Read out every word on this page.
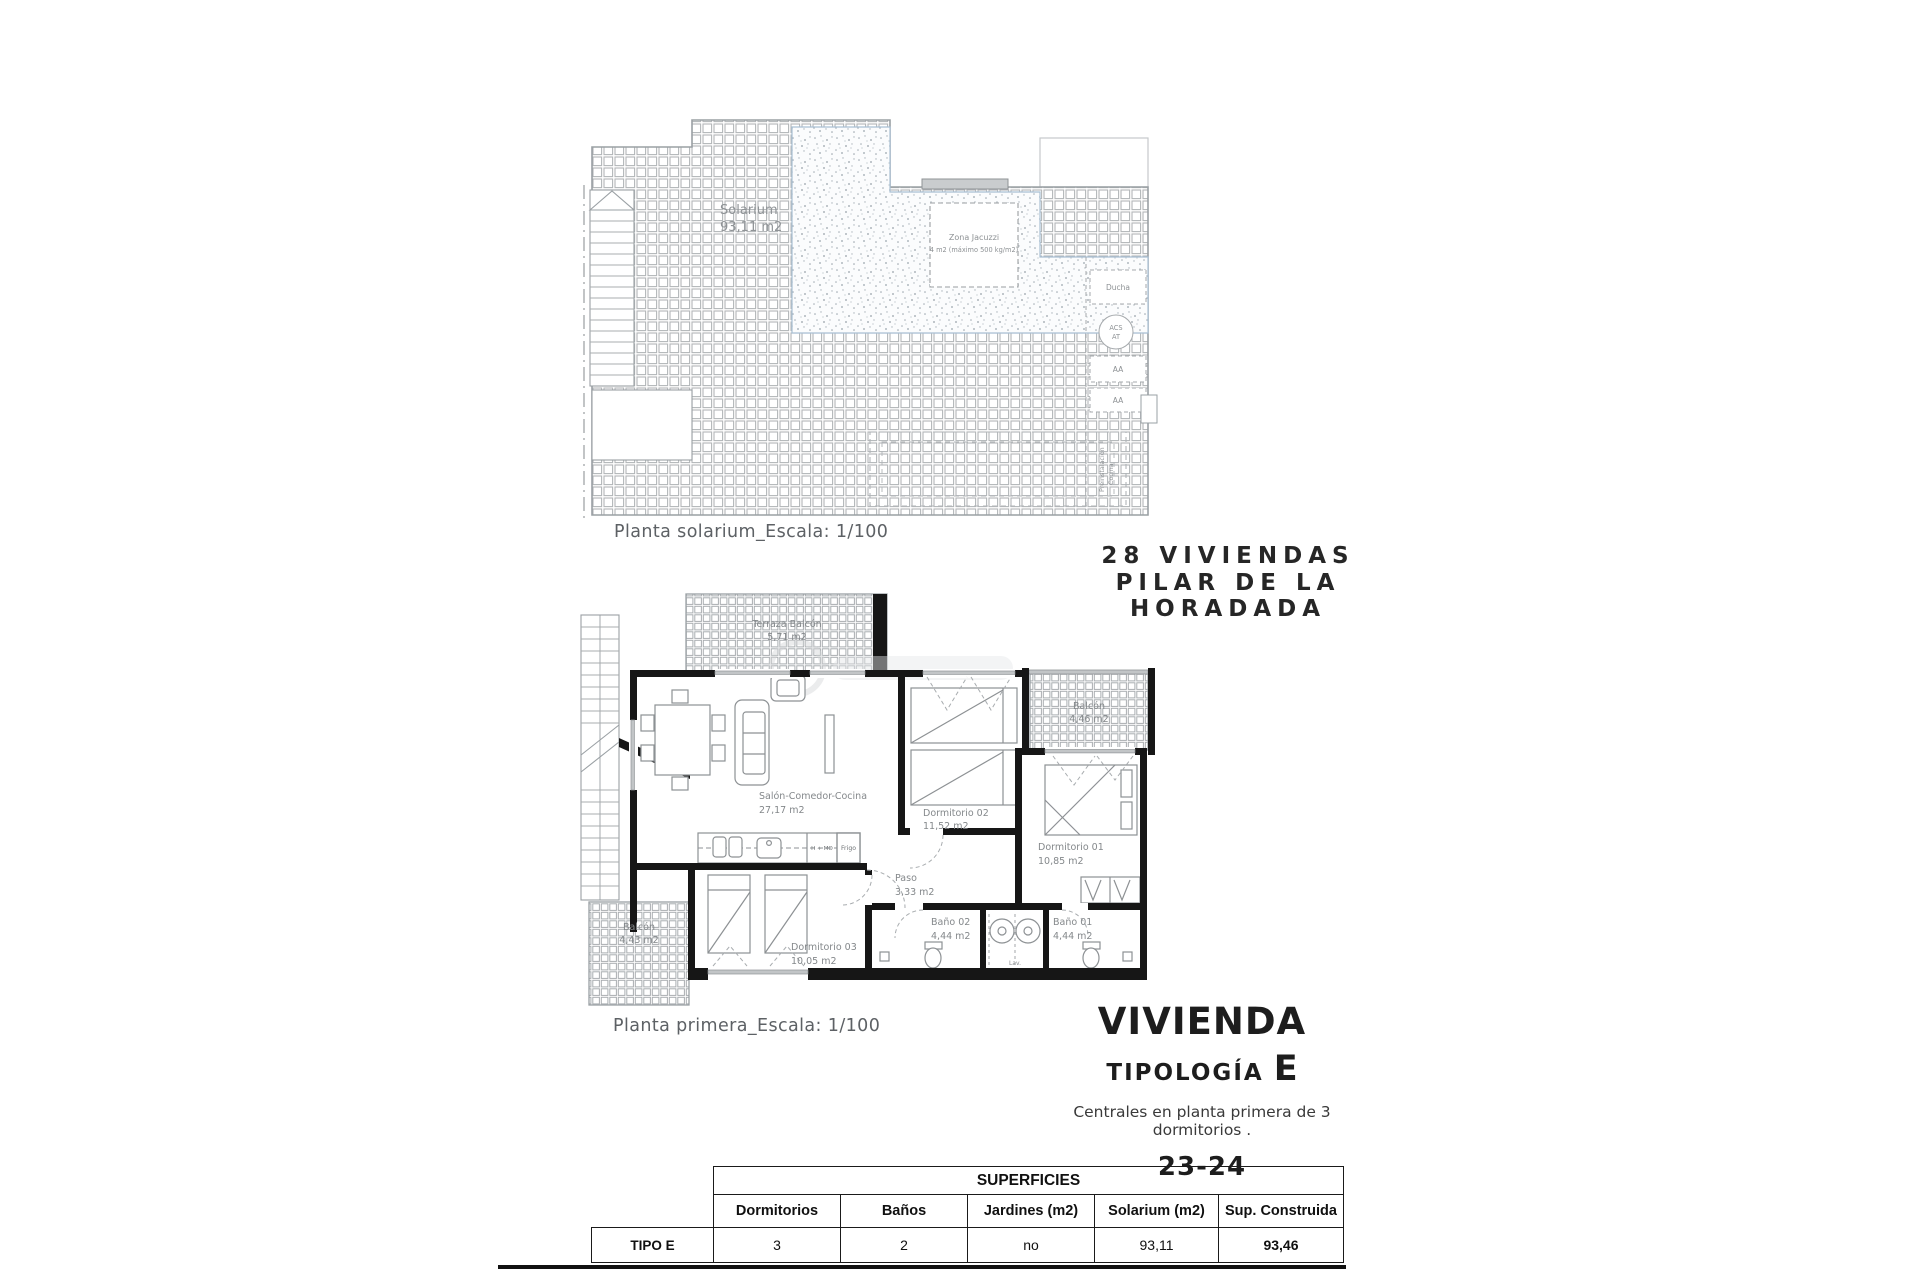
Zona Jacuzzi
4 m2 (máximo 500 kg/m2)
Solarium
93,11 m2
Ducha
ACS
AT
AA
AA
Preinstalación Cocina
Planta solarium_Escala: 1/100
28 VIVIENDAS
PILAR DE LA
HORADADA
H + MO Frigo
Terraza Balcón
5,71 m2
Balcón
4,46 m2
Balcón
4,43 m2
Salón-Comedor-Cocina
27,17 m2	Dormitorio 02
11,52 m2
Dormitorio 01
10,85 m2
Dormitorio 03
10,05 m2
Paso
3,33 m2
Baño 02
4,44 m2
Baño 01
4,44 m2
Lav.
Planta primera_Escala: 1/100	VIVIENDA
TIPOLOGÍA E
Centrales en planta primera de 3 dormitorios .
23-24
	SUPERFICIES				
	Dormitorios	Baños	Jardines (m2)	Solarium (m2)	Sup. Construida
TIPO E	3	2	no	93,11	93,46
